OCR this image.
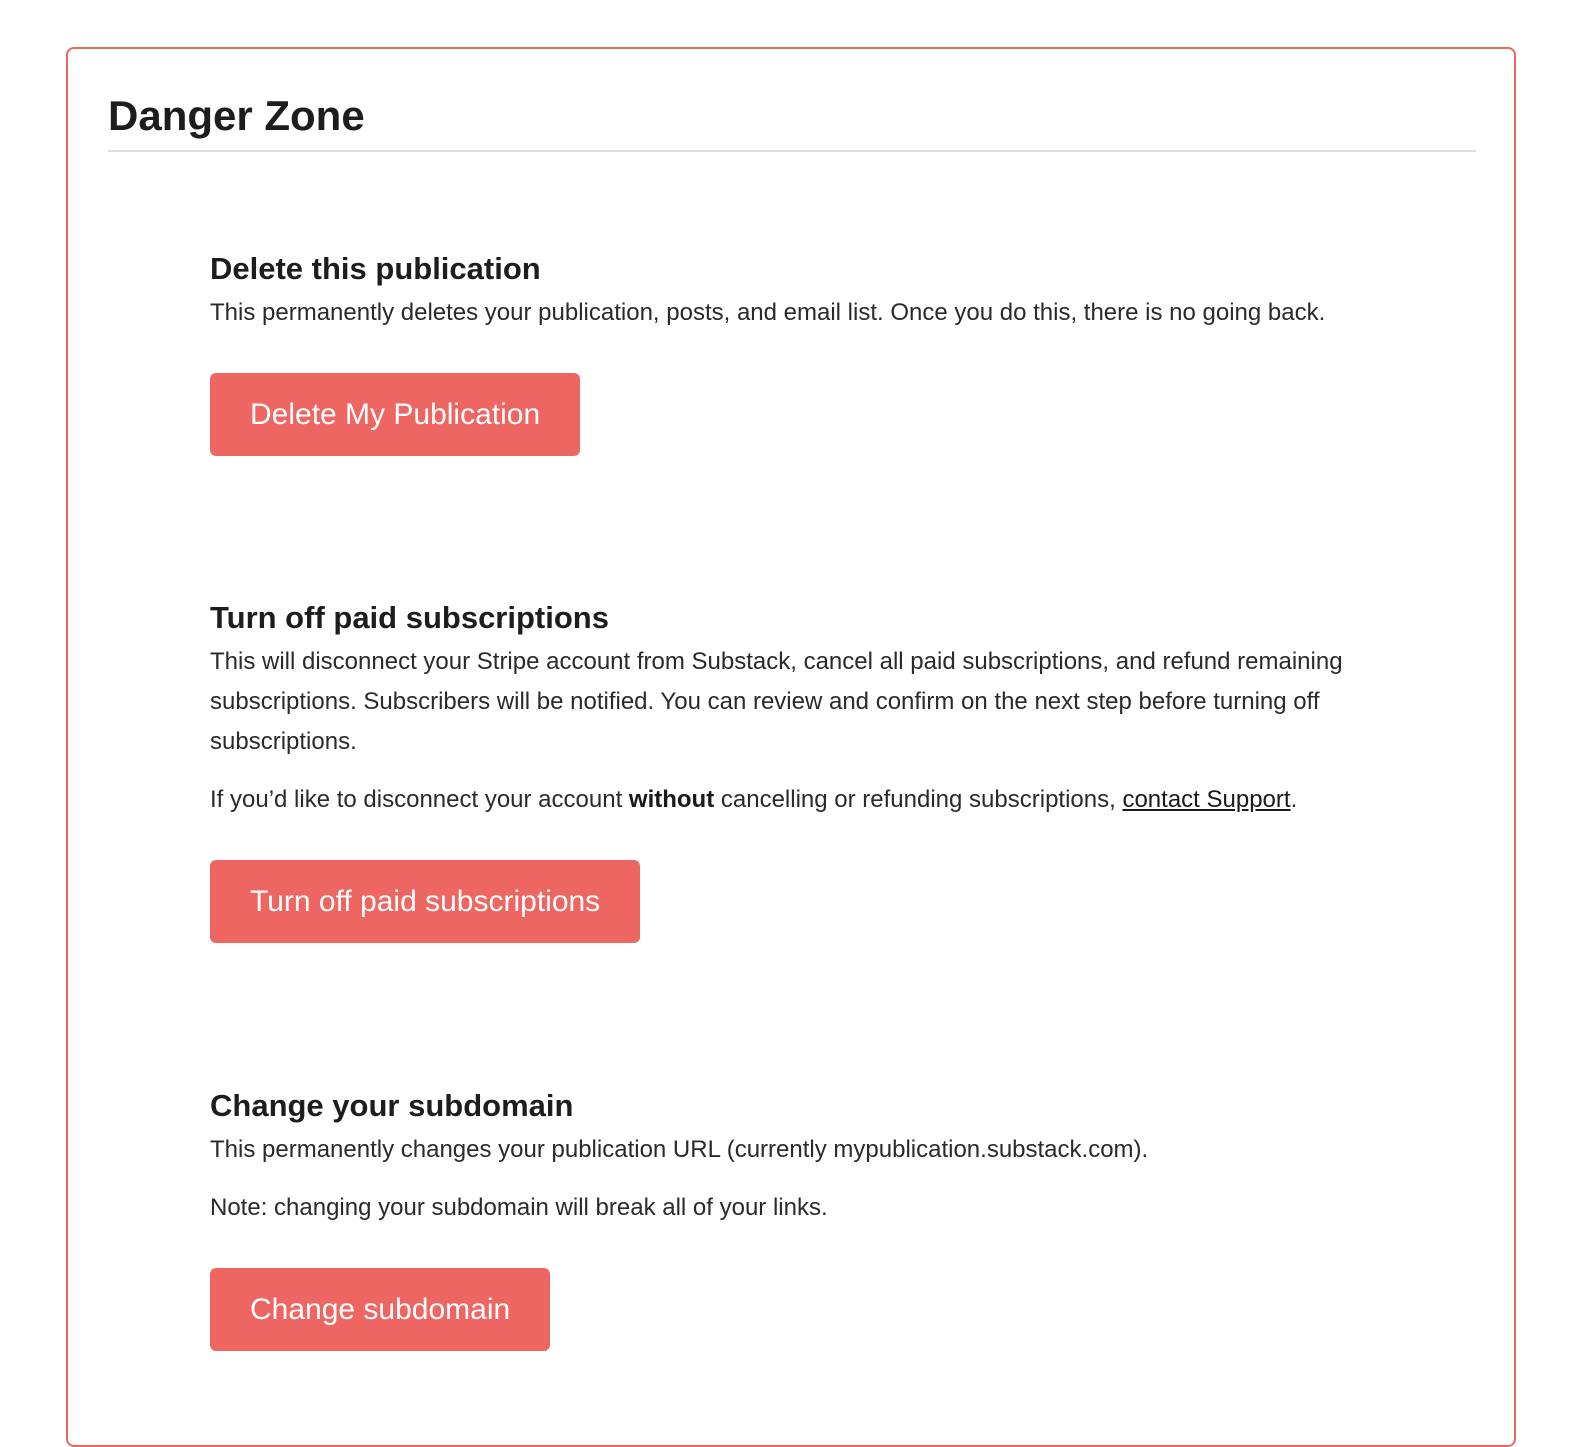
Danger Zone
Delete this publication

This permanently deletes your publication, posts, and email list. Once you do this, there is no going back.

Delete My Publication
Turn off paid subscriptions

This will disconnect your Stripe account from Substack, cancel all paid subscriptions, and refund remaining subscriptions. Subscribers will be notified. You can review and confirm on the next step before turning off subscriptions.

If you’d like to disconnect your account without cancelling or refunding subscriptions, contact Support.

Turn off paid subscriptions
Change your subdomain

This permanently changes your publication URL (currently mypublication.substack.com).

Note: changing your subdomain will break all of your links.

Change subdomain
